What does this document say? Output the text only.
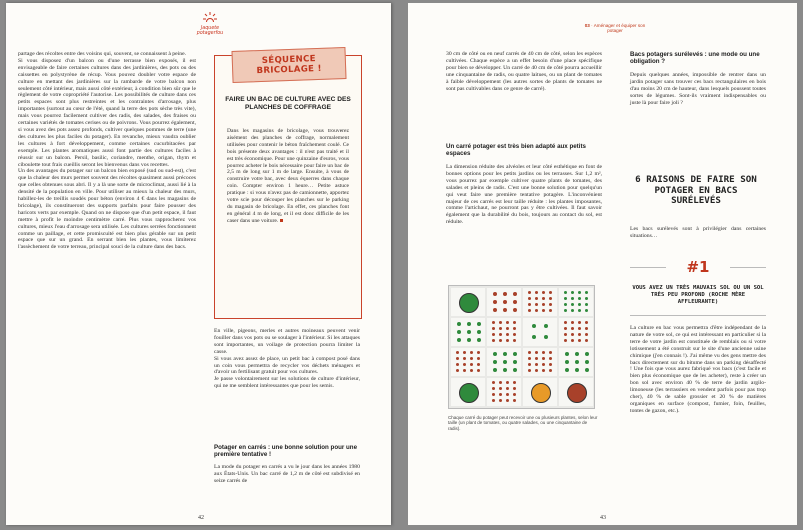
Jaquete
potagerfou

partage des récoltes entre des voisins qui, souvent, se connaissent à peine.
Si vous disposez d'un balcon ou d'une terrasse bien exposés, il est envisageable de faire certaines cultures dans des jardinières, des pots ou des caissettes en polystyrène de récup. Vous pouvez doubler votre espace de culture en mettant des jardinières sur la rambarde de votre balcon non seulement côté intérieur, mais aussi côté extérieur, à condition bien sûr que le règlement de votre copropriété l'autorise. Les possibilités de culture dans ces petits espaces sont plus restreintes et les contraintes d'arrosage, plus importantes (surtout au cœur de l'été, quand la terre des pots sèche très vite), mais vous pourrez facilement cultiver des radis, des salades, des fraises ou certaines variétés de tomates cerises ou de poivrons. Vous pourrez également, si vous avez des pots assez profonds, cultiver quelques pommes de terre (une des cultures les plus faciles du potager). En revanche, mieux vaudra oublier les cultures à fort développement, comme certaines cucurbitacées par exemple. Les plantes aromatiques aussi font partie des cultures faciles à réussir sur un balcon. Persil, basilic, coriandre, menthe, origan, thym et ciboulette tout frais cueillis seront les bienvenus dans vos recettes.
Un des avantages du potager sur un balcon bien exposé (sud ou sud-est), c'est que la chaleur des murs permet souvent des récoltes quasiment aussi précoces que celles obtenues sous abri. Il y a là une sorte de microclimat, aussi lié à la densité de la population en ville. Pour utiliser au mieux la chaleur des murs, habillez-les de treillis soudés pour béton (environ 4 € dans les magasins de bricolage), ils constitueront des supports parfaits pour faire pousser des haricots verts par exemple. Quand on ne dispose que d'un petit espace, il faut mettre à profit le moindre centimètre carré. Plus vous rapprocherez vos cultures, mieux l'eau d'arrosage sera utilisée. Les cultures serrées fonctionnent comme un paillage, et cette promiscuité est bien plus gérable sur un petit espace que sur un grand. En serrant bien les plantes, vous limiterez l'assèchement de votre terreau, principal souci de la culture dans des bacs.

SÉQUENCE BRICOLAGE !

FAIRE UN BAC DE CULTURE AVEC DES PLANCHES DE COFFRAGE

Dans les magasins de bricolage, vous trouverez aisément des planches de coffrage, normalement utilisées pour contenir le béton fraîchement coulé. Ce bois présente deux avantages : il n'est pas traité et il est très économique. Pour une quinzaine d'euros, vous pourrez acheter le bois nécessaire pour faire un bac de 2,5 m de long sur 1 m de large. Ensuite, à vous de construire votre bac, avec deux équerres dans chaque coin. Compter environ 1 heure… Petite astuce pratique : si vous n'avez pas de camionnette, apportez votre scie pour découper les planches sur le parking du magasin de bricolage. En effet, ces planches font en général 4 m de long, et il est donc difficile de les caser dans une voiture.

En ville, pigeons, merles et autres moineaux peuvent venir fouiller dans vos pots ou se soulager à l'intérieur. Si les attaques sont importantes, un voilage de protection pourra limiter la casse.
Si vous avez assez de place, un petit bac à compost posé dans un coin vous permettra de recycler vos déchets ménagers et d'avoir un fertilisant gratuit pour vos cultures.
Je passe volontairement sur les solutions de culture d'intérieur, qui ne me semblent intéressantes que pour les semis.

Potager en carrés : une bonne solution pour une première tentative !

La mode du potager en carrés a vu le jour dans les années 1980 aux États-Unis. Un bac carré de 1,2 m de côté est subdivisé en seize carrés de

42
03 · Aménager et équiper son potager

30 cm de côté ou en neuf carrés de 40 cm de côté, selon les espèces cultivées. Chaque espèce a un effet besoin d'une place spécifique pour bien se développer. Un carré de 40 cm de côté pourra accueillir une cinquantaine de radis, ou quatre laitues, ou un plant de tomates à faible développement (les autres sortes de plants de tomates ne sont pas cultivables dans ce genre de carré).

Un carré potager est très bien adapté aux petits espaces

La dimension réduite des alvéoles et leur côté esthétique en font de bonnes options pour les petits jardins ou les terrasses. Sur 1,2 m², vous pourrez par exemple cultiver quatre plants de tomates, des salades et pleins de radis. C'est une bonne solution pour quelqu'un qui veut faire une première tentative potagère. L'inconvénient majeur de ces carrés est leur taille réduite : les plantes imposantes, comme l'artichaut, ne pourront pas y être cultivées. Il faut savoir également que la durabilité du bois, toujours au contact du sol, est réduite.

Chaque carré du potager peut recevoir une ou plusieurs plantes, selon leur taille (un plant de tomates, ou quatre salades, ou une cinquantaine de radis).

Bacs potagers surélevés : une mode ou une obligation ?

Depuis quelques années, impossible de rentrer dans un jardin potager sans trouver ces bacs rectangulaires en bois d'au moins 20 cm de hauteur, dans lesquels poussent toutes sortes de légumes. Sont-ils vraiment indispensables ou juste là pour faire joli ?

6 RAISONS DE FAIRE SON POTAGER EN BACS SURÉLEVÉS

Les bacs surélevés sont à privilégier dans certaines situations…

#1

VOUS AVEZ UN TRÈS MAUVAIS SOL OU UN SOL TRÈS PEU PROFOND (ROCHE MÈRE AFFLEURANTE)

La culture en bac vous permettra d'être indépendant de la nature de votre sol, ce qui est intéressant en particulier si la terre de votre jardin est constituée de remblais ou si votre lotissement a été construit sur le site d'une ancienne usine chimique (j'en connais !). J'ai même vu des gens mettre des bacs directement sur du bitume dans un parking désaffecté ! Une fois que vous aurez fabriqué vos bacs (c'est facile et bien plus économique que de les acheter), reste à créer un bon sol avec environ 40 % de terre de jardin argilo-limoneuse (les terrassiers en vendent parfois pour pas trop cher), 40 % de sable grossier et 20 % de matières organiques en surface (compost, fumier, foin, feuilles, tontes de gazon, etc.).

43
